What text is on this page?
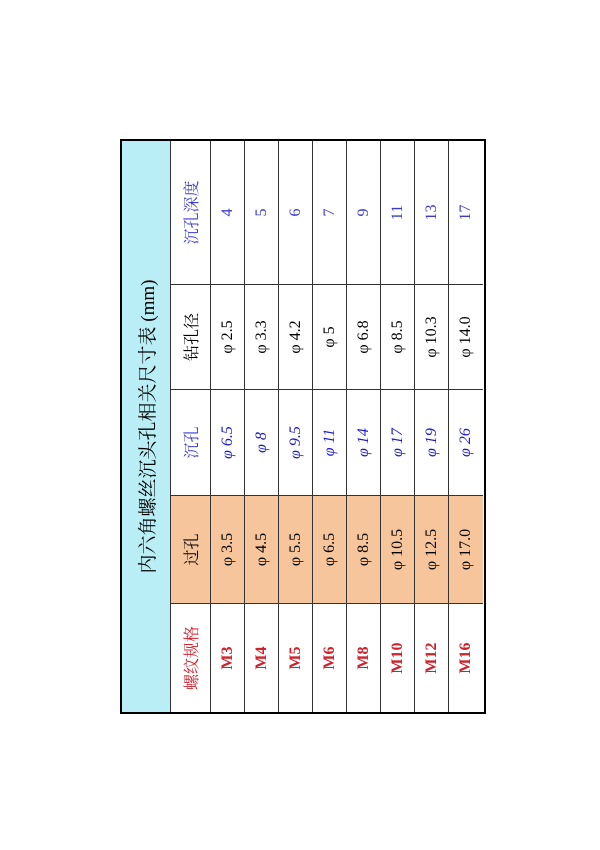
内六角螺丝沉头孔相关尺寸表 (mm)
螺纹规格
过孔
沉孔
钻孔径
沉孔深度
M3
φ 3.5
φ 6.5
φ 2.5
4
M4
φ 4.5
φ 8
φ 3.3
5
M5
φ 5.5
φ 9.5
φ 4.2
6
M6
φ 6.5
φ 11
φ 5
7
M8
φ 8.5
φ 14
φ 6.8
9
M10
φ 10.5
φ 17
φ 8.5
11
M12
φ 12.5
φ 19
φ 10.3
13
M16
φ 17.0
φ 26
φ 14.0
17
